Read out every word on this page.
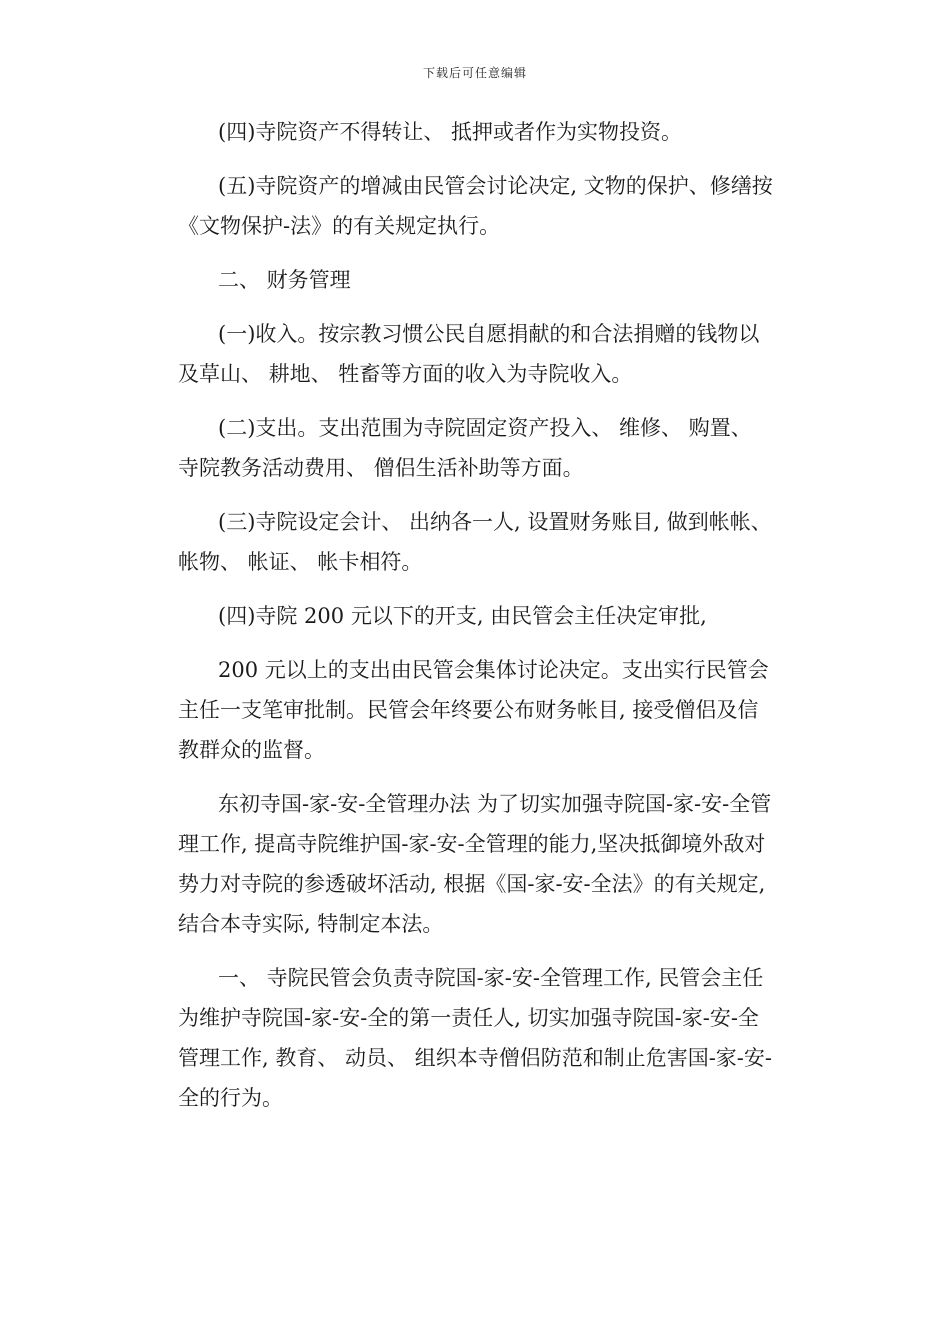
下载后可任意编辑

(四)寺院资产不得转让、 抵押或者作为实物投资。

(五)寺院资产的增减由民管会讨论决定, 文物的保护、修缮按《文物保护-法》的有关规定执行。

二、 财务管理

(一)收入。按宗教习惯公民自愿捐献的和合法捐赠的钱物以及草山、 耕地、 牲畜等方面的收入为寺院收入。

(二)支出。支出范围为寺院固定资产投入、 维修、 购置、 寺院教务活动费用、 僧侣生活补助等方面。

(三)寺院设定会计、 出纳各一人, 设置财务账目, 做到帐帐、 帐物、 帐证、 帐卡相符。

(四)寺院 200 元以下的开支, 由民管会主任决定审批,

200 元以上的支出由民管会集体讨论决定。支出实行民管会主任一支笔审批制。民管会年终要公布财务帐目, 接受僧侣及信教群众的监督。

东初寺国-家-安-全管理办法 为了切实加强寺院国-家-安-全管理工作, 提高寺院维护国-家-安-全管理的能力,坚决抵御境外敌对势力对寺院的参透破坏活动, 根据《国-家-安-全法》的有关规定, 结合本寺实际, 特制定本法。

一、 寺院民管会负责寺院国-家-安-全管理工作, 民管会主任为维护寺院国-家-安-全的第一责任人, 切实加强寺院国-家-安-全管理工作, 教育、 动员、 组织本寺僧侣防范和制止危害国-家-安-全的行为。
